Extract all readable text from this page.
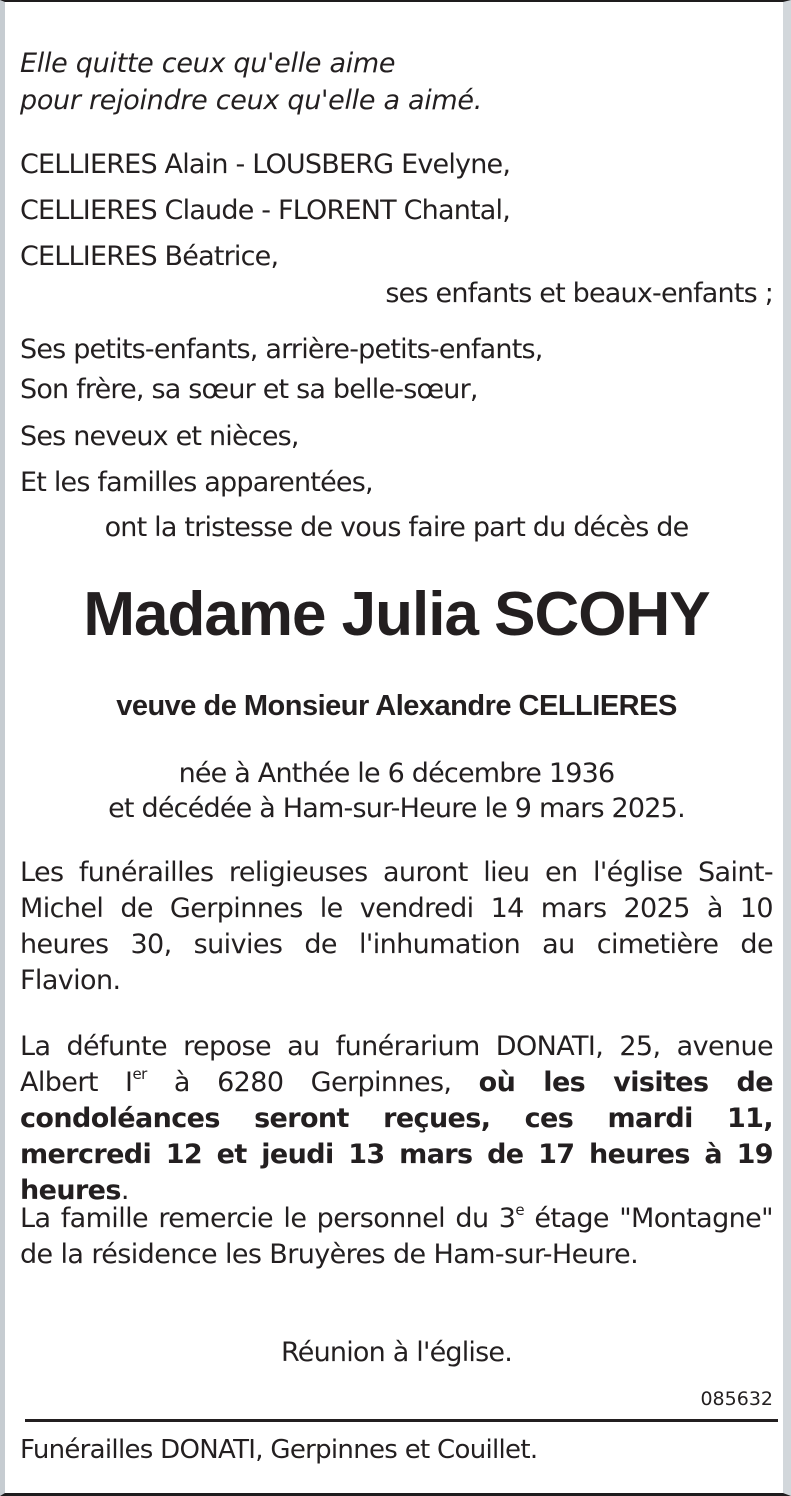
Elle quitte ceux qu'elle aime
pour rejoindre ceux qu'elle a aimé.
CELLIERES Alain - LOUSBERG Evelyne,
CELLIERES Claude - FLORENT Chantal,
CELLIERES Béatrice,
ses enfants et beaux-enfants ;
Ses petits-enfants, arrière-petits-enfants,
Son frère, sa sœur et sa belle-sœur,
Ses neveux et nièces,
Et les familles apparentées,
ont la tristesse de vous faire part du décès de
Madame Julia SCOHY
veuve de Monsieur Alexandre CELLIERES
née à Anthée le 6 décembre 1936
et décédée à Ham-sur-Heure le 9 mars 2025.
Les funérailles religieuses auront lieu en l'église Saint-Michel de Gerpinnes le vendredi 14 mars 2025 à 10 heures 30, suivies de l'inhumation au cimetière de Flavion.
La défunte repose au funérarium DONATI, 25, avenue Albert Ier à 6280 Gerpinnes, où les visites de condoléances seront reçues, ces mardi 11, mercredi 12 et jeudi 13 mars de 17 heures à 19 heures.
La famille remercie le personnel du 3e étage "Montagne" de la résidence les Bruyères de Ham-sur-Heure.
Réunion à l'église.
085632
Funérailles DONATI, Gerpinnes et Couillet.
